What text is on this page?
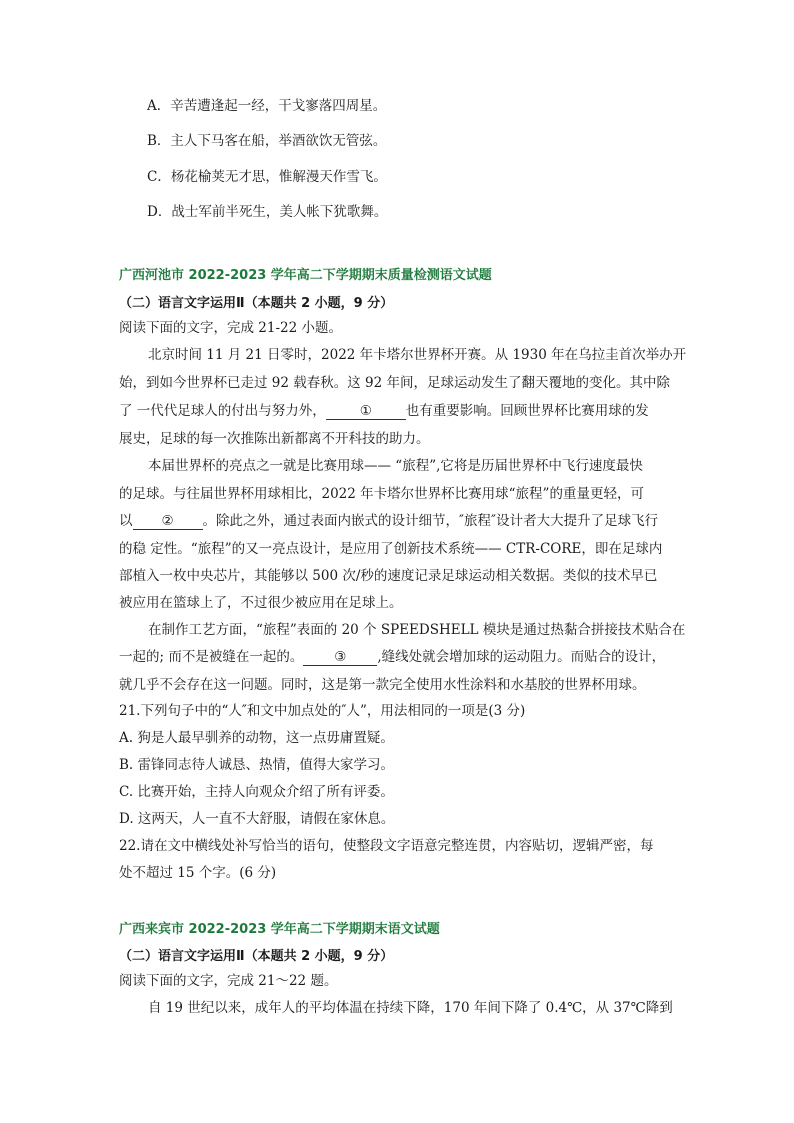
A．辛苦遭逢起一经，干戈寥落四周星。
B．主人下马客在船，举酒欲饮无管弦。
C．杨花榆荚无才思，惟解漫天作雪飞。
D．战士军前半死生，美人帐下犹歌舞。
广西河池市 2022-2023 学年高二下学期期末质量检测语文试题
（二）语言文字运用Ⅱ（本题共 2 小题，9 分）
阅读下面的文字，完成 21-22 小题。
北京时间 11 月 21 日零时，2022 年卡塔尔世界杯开赛。从 1930 年在乌拉圭首次举办开
始，到如今世界杯已走过 92 载春秋。这 92 年间，足球运动发生了翻天覆地的变化。其中除
了 一代代足球人的付出与努力外，	①	也有重要影响。回顾世界杯比赛用球的发
展史，足球的每一次推陈出新都离不开科技的助力。
本届世界杯的亮点之一就是比赛用球—— “旅程”,它将是历届世界杯中飞行速度最快
的足球。与往届世界杯用球相比，2022 年卡塔尔世界杯比赛用球“旅程”的重量更轻，可
以 ② 。除此之外，通过表面内嵌式的设计细节，″旅程″设计者大大提升了足球飞行
的稳 定性。“旅程”的又一亮点设计，是应用了创新技术系统—— CTR-CORE，即在足球内
部植入一枚中央芯片，其能够以 500 次/秒的速度记录足球运动相关数据。类似的技术早已
被应用在篮球上了，不过很少被应用在足球上。
在制作工艺方面，“旅程”表面的 20 个 SPEEDSHELL 模块是通过热黏合拼接技术贴合在
一起的; 而不是被缝在一起的。 ③ ,缝线处就会增加球的运动阻力。而贴合的设计，
就几乎不会存在这一问题。同时，这是第一款完全使用水性涂料和水基胶的世界杯用球。
21.下列句子中的“人″和文中加点处的″人”，用法相同的一项是(3 分)
A. 狗是人最早驯养的动物，这一点毋庸置疑。
B. 雷锋同志待人诚恳、热情，值得大家学习。
C. 比赛开始，主持人向观众介绍了所有评委。
D. 这两天，人一直不大舒服，请假在家休息。
22.请在文中横线处补写恰当的语句，使整段文字语意完整连贯，内容贴切，逻辑严密，每
处不超过 15 个字。(6 分)
广西来宾市 2022-2023 学年高二下学期期末语文试题
（二）语言文字运用Ⅱ（本题共 2 小题，9 分）
阅读下面的文字，完成 21～22 题。
自 19 世纪以来，成年人的平均体温在持续下降，170 年间下降了 0.4℃，从 37℃降到
